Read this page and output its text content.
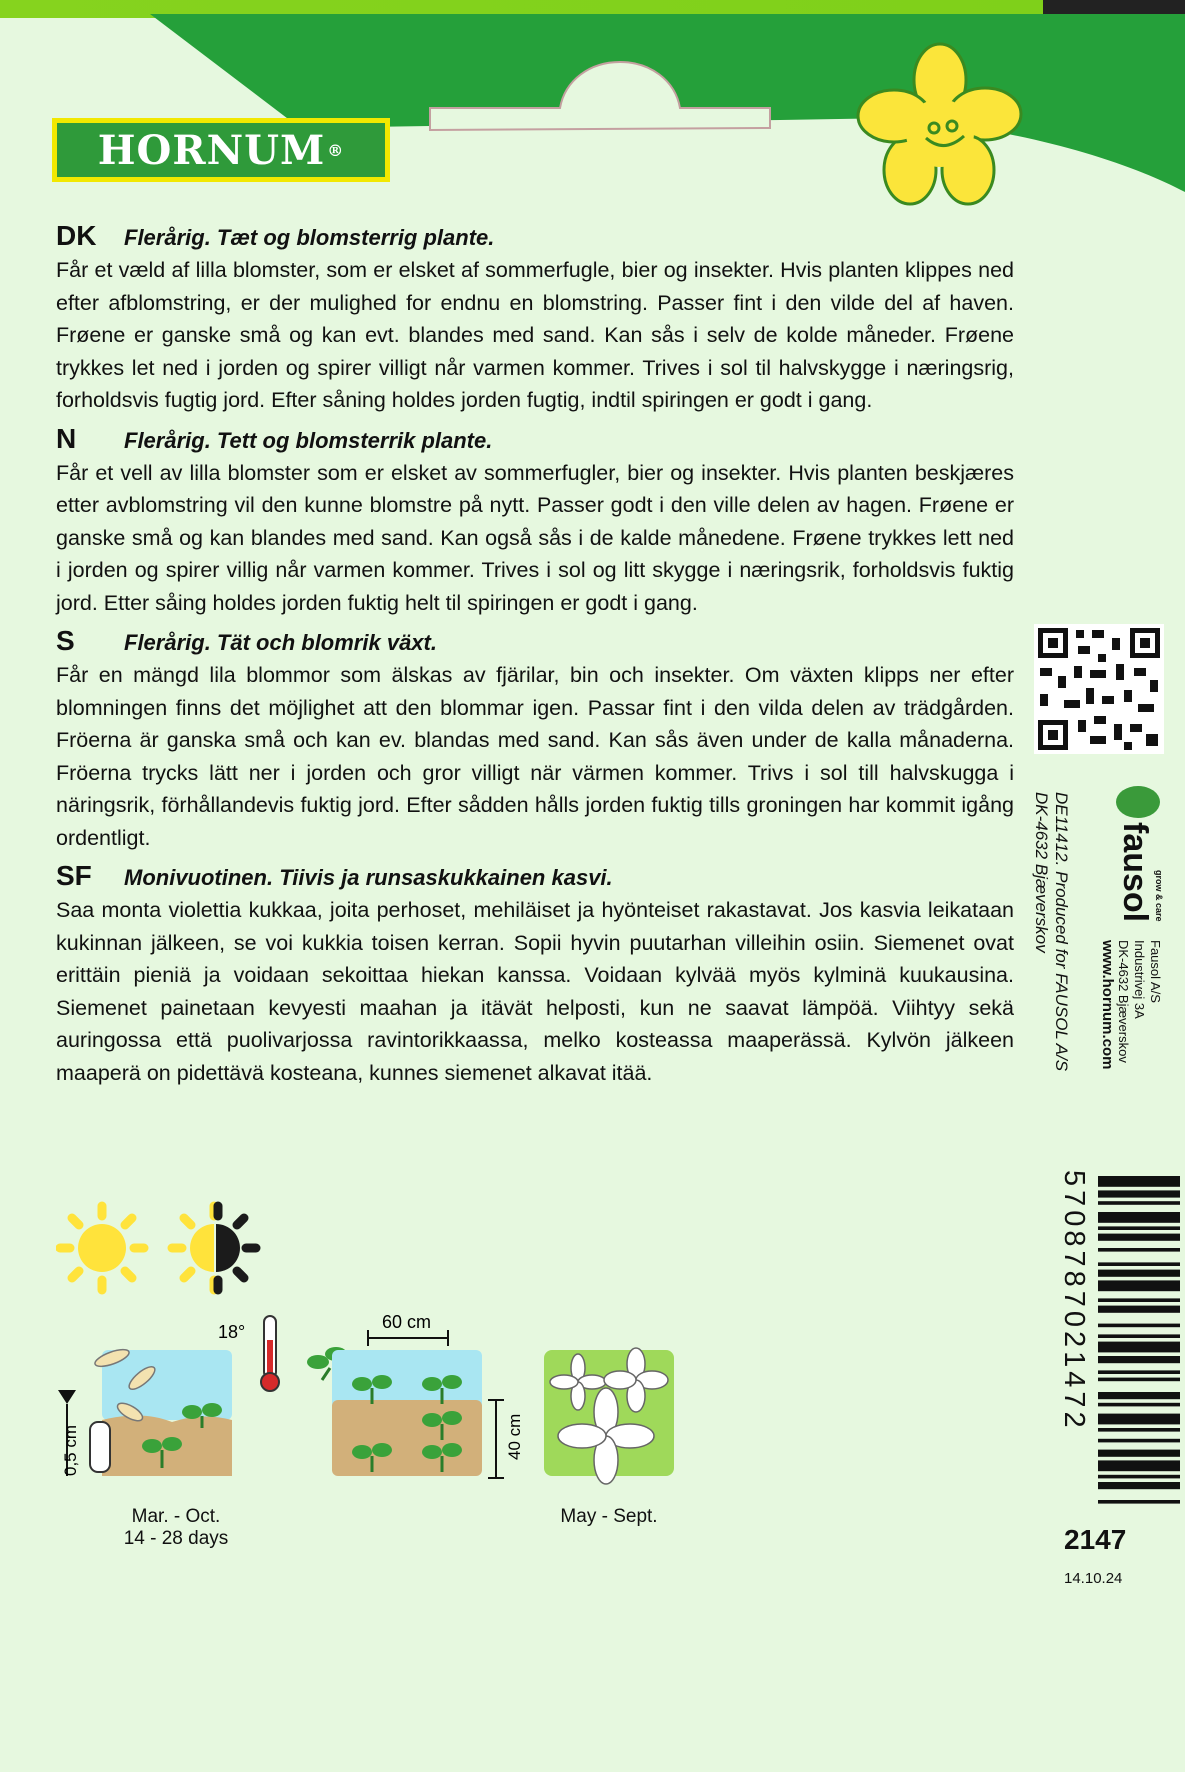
HORNUM ®
DK Flerårig. Tæt og blomsterrig plante.

Får et væld af lilla blomster, som er elsket af sommerfugle, bier og insekter. Hvis planten klippes ned efter afblomstring, er der mulighed for endnu en blomstring. Passer fint i den vilde del af haven. Frøene er ganske små og kan evt. blandes med sand. Kan sås i selv de kolde måneder. Frøene trykkes let ned i jorden og spirer villigt når varmen kommer. Trives i sol til halvskygge i næringsrig, forholdsvis fugtig jord. Efter såning holdes jorden fugtig, indtil spiringen er godt i gang.

N Flerårig. Tett og blomsterrik plante.

Får et vell av lilla blomster som er elsket av sommerfugler, bier og insekter. Hvis planten beskjæres etter avblomstring vil den kunne blomstre på nytt. Passer godt i den ville delen av hagen. Frøene er ganske små og kan blandes med sand. Kan også sås i de kalde månedene. Frøene trykkes lett ned i jorden og spirer villig når varmen kommer. Trives i sol og litt skygge i næringsrik, forholdsvis fuktig jord. Etter såing holdes jorden fuktig helt til spiringen er godt i gang.

S Flerårig. Tät och blomrik växt.

Får en mängd lila blommor som älskas av fjärilar, bin och insekter. Om växten klipps ner efter blomningen finns det möjlighet att den blommar igen. Passar fint i den vilda delen av trädgården. Fröerna är ganska små och kan ev. blandas med sand. Kan sås även under de kalla månaderna. Fröerna trycks lätt ner i jorden och gror villigt när värmen kommer. Trivs i sol till halvskugga i näringsrik, förhållandevis fuktig jord. Efter sådden hålls jorden fuktig tills groningen har kommit igång ordentligt.

SF Monivuotinen. Tiivis ja runsaskukkainen kasvi.

Saa monta violettia kukkaa, joita perhoset, mehiläiset ja hyönteiset rakastavat. Jos kasvia leikataan kukinnan jälkeen, se voi kukkia toisen kerran. Sopii hyvin puutarhan villeihin osiin. Siemenet ovat erittäin pieniä ja voidaan sekoittaa hiekan kanssa. Voidaan kylvää myös kylminä kuukausina. Siemenet painetaan kevyesti maahan ja itävät helposti, kun ne saavat lämpöä. Viihtyy sekä auringossa että puolivarjossa ravintorikkaassa, melko kosteassa maaperässä. Kylvön jälkeen maaperä on pidettävä kosteana, kunnes siemenet alkavat itää.

0,5 cm
18°	60 cm
40 cm
Mar. - Oct.
14 - 28 days
May - Sept.
fausol grow & care
DE11412. Produced for FAUSOL A/S
DK-4632 Bjæverskov
Fausol A/S
Industrivej 3A
DK-4632 Bjæverskov
www.hornum.com
5708787021472
2147
14.10.24
